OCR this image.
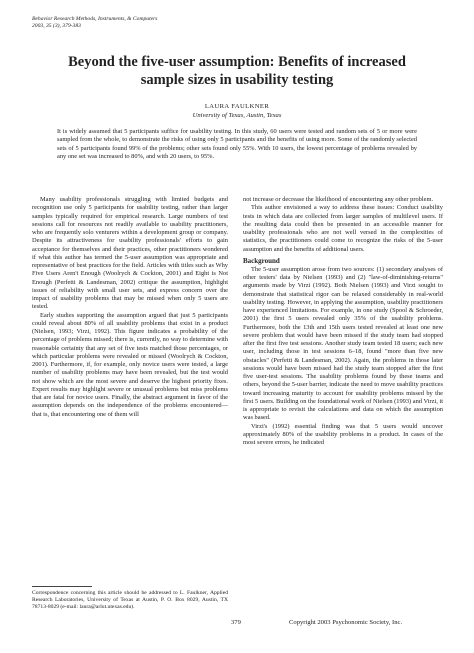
Behavior Research Methods, Instruments, & Computers
2003, 35 (3), 379-383
Beyond the five-user assumption: Benefits of increased sample sizes in usability testing
LAURA FAULKNER
University of Texas, Austin, Texas

It is widely assumed that 5 participants suffice for usability testing. In this study, 60 users were tested and random sets of 5 or more were sampled from the whole, to demonstrate the risks of using only 5 participants and the benefits of using more. Some of the randomly selected sets of 5 participants found 99% of the problems; other sets found only 55%. With 10 users, the lowest percentage of problems revealed by any one set was increased to 80%, and with 20 users, to 95%.

Many usability professionals struggling with limited budgets and recognition use only 5 participants for usability testing, rather than larger samples typically required for empirical research. Large numbers of test sessions call for resources not readily available to usability practitioners, who are frequently solo venturers within a development group or company. Despite its attractiveness for usability professionals' efforts to gain acceptance for themselves and their practices, other practitioners wondered if what this author has termed the 5-user assumption was appropriate and representative of best practices for the field. Articles with titles such as Why Five Users Aren't Enough (Woolrych & Cockton, 2001) and Eight is Not Enough (Perfetti & Landesman, 2002) critique the assumption, highlight issues of reliability with small user sets, and express concern over the impact of usability problems that may be missed when only 5 users are tested.

Early studies supporting the assumption argued that just 5 participants could reveal about 80% of all usability problems that exist in a product (Nielsen, 1993; Virzi, 1992). This figure indicates a probability of the percentage of problems missed; there is, currently, no way to determine with reasonable certainty that any set of five tests matched those percentages, or which particular problems were revealed or missed (Woolrych & Cockton, 2001). Furthermore, if, for example, only novice users were tested, a large number of usability problems may have been revealed, but the test would not show which are the most severe and deserve the highest priority fixes. Expert results may highlight severe or unusual problems but miss problems that are fatal for novice users. Finally, the abstract argument in favor of the assumption depends on the independence of the problems encountered—that is, that encountering one of them will

not increase or decrease the likelihood of encountering any other problem.

This author envisioned a way to address these issues: Conduct usability tests in which data are collected from larger samples of multilevel users. If the resulting data could then be presented in an accessible manner for usability professionals who are not well versed in the complexities of statistics, the practitioners could come to recognize the risks of the 5-user assumption and the benefits of additional users.

Background

The 5-user assumption arose from two sources: (1) secondary analyses of other testers' data by Nielsen (1993) and (2) "law-of-diminishing-returns" arguments made by Virzi (1992). Both Nielsen (1993) and Virzi sought to demonstrate that statistical rigor can be relaxed considerably in real-world usability testing. However, in applying the assumption, usability practitioners have experienced limitations. For example, in one study (Spool & Schroeder, 2001) the first 5 users revealed only 35% of the usability problems. Furthermore, both the 13th and 15th users tested revealed at least one new severe problem that would have been missed if the study team had stopped after the first five test sessions. Another study team tested 18 users; each new user, including those in test sessions 6–18, found "more than five new obstacles" (Perfetti & Landesman, 2002). Again, the problems in those later sessions would have been missed had the study team stopped after the first five user-test sessions. The usability problems found by these teams and others, beyond the 5-user barrier, indicate the need to move usability practices toward increasing maturity to account for usability problems missed by the first 5 users. Building on the foundational work of Nielsen (1993) and Virzi, it is appropriate to revisit the calculations and data on which the assumption was based.

Virzi's (1992) essential finding was that 5 users would uncover approximately 80% of the usability problems in a product. In cases of the most severe errors, he indicated

Correspondence concerning this article should be addressed to L. Faulkner, Applied Research Laboratories, University of Texas at Austin, P. O. Box 8029, Austin, TX 78713-8029 (e-mail: laura@arlut.utexas.edu).
379	Copyright 2003 Psychonomic Society, Inc.
